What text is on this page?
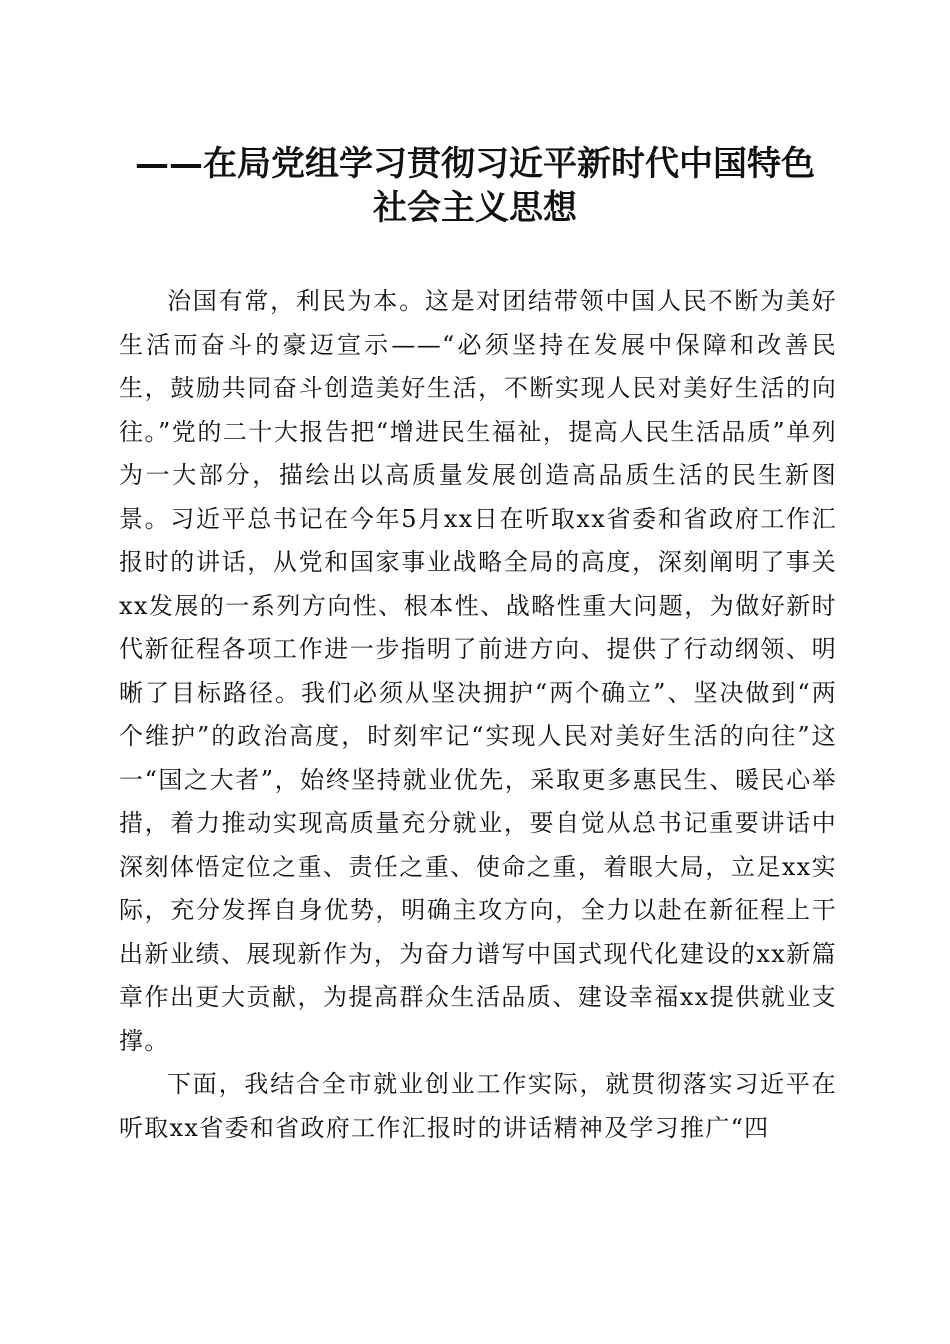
——在局党组学习贯彻习近平新时代中国特色
社会主义思想

治国有常，利民为本。这是对团结带领中国人民不断为美好生活而奋斗的豪迈宣示——“必须坚持在发展中保障和改善民生，鼓励共同奋斗创造美好生活，不断实现人民对美好生活的向往。”党的二十大报告把“增进民生福祉，提高人民生活品质”单列为一大部分，描绘出以高质量发展创造高品质生活的民生新图景。习近平总书记在今年5月xx日在听取xx省委和省政府工作汇报时的讲话，从党和国家事业战略全局的高度，深刻阐明了事关xx发展的一系列方向性、根本性、战略性重大问题，为做好新时代新征程各项工作进一步指明了前进方向、提供了行动纲领、明晰了目标路径。我们必须从坚决拥护“两个确立”、坚决做到“两个维护”的政治高度，时刻牢记“实现人民对美好生活的向往”这一“国之大者”，始终坚持就业优先，采取更多惠民生、暖民心举措，着力推动实现高质量充分就业，要自觉从总书记重要讲话中深刻体悟定位之重、责任之重、使命之重，着眼大局，立足xx实际，充分发挥自身优势，明确主攻方向，全力以赴在新征程上干出新业绩、展现新作为，为奋力谱写中国式现代化建设的xx新篇章作出更大贡献，为提高群众生活品质、建设幸福xx提供就业支撑。

下面，我结合全市就业创业工作实际，就贯彻落实习近平在听取xx省委和省政府工作汇报时的讲话精神及学习推广“四
